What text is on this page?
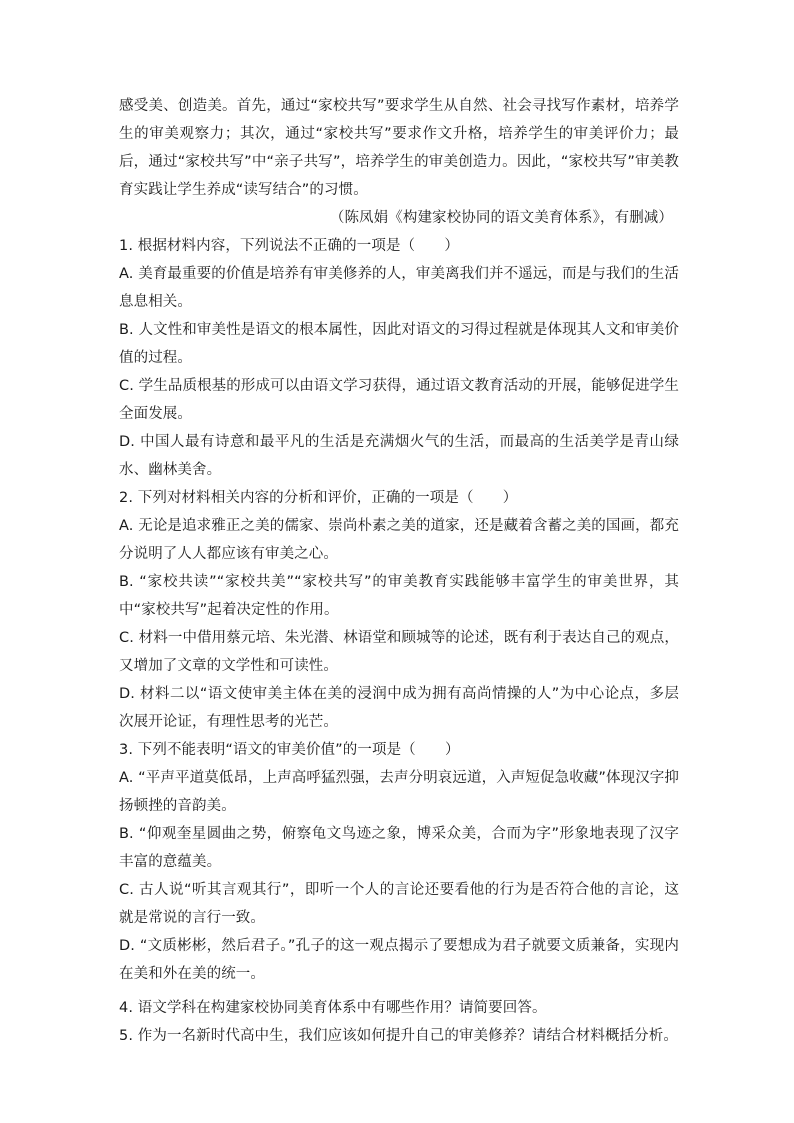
感受美、创造美。首先，通过“家校共写”要求学生从自然、社会寻找写作素材，培养学生的审美观察力；其次，通过“家校共写”要求作文升格，培养学生的审美评价力；最后，通过“家校共写”中“亲子共写”，培养学生的审美创造力。因此，“家校共写”审美教育实践让学生养成“读写结合”的习惯。

（陈凤娟《构建家校协同的语文美育体系》，有删减）

1. 根据材料内容，下列说法不正确的一项是（　　）

A. 美育最重要的价值是培养有审美修养的人，审美离我们并不遥远，而是与我们的生活息息相关。

B. 人文性和审美性是语文的根本属性，因此对语文的习得过程就是体现其人文和审美价值的过程。

C. 学生品质根基的形成可以由语文学习获得，通过语文教育活动的开展，能够促进学生全面发展。

D. 中国人最有诗意和最平凡的生活是充满烟火气的生活，而最高的生活美学是青山绿水、幽林美舍。

2. 下列对材料相关内容的分析和评价，正确的一项是（　　）

A. 无论是追求雅正之美的儒家、崇尚朴素之美的道家，还是藏着含蓄之美的国画，都充分说明了人人都应该有审美之心。

B. “家校共读”“家校共美”“家校共写”的审美教育实践能够丰富学生的审美世界，其中“家校共写”起着决定性的作用。

C. 材料一中借用蔡元培、朱光潜、林语堂和顾城等的论述，既有利于表达自己的观点，又增加了文章的文学性和可读性。

D. 材料二以“语文使审美主体在美的浸润中成为拥有高尚情操的人”为中心论点，多层次展开论证，有理性思考的光芒。

3. 下列不能表明“语文的审美价值”的一项是（　　）

A. “平声平道莫低昂，上声高呼猛烈强，去声分明哀远道，入声短促急收藏”体现汉字抑扬顿挫的音韵美。

B. “仰观奎星圆曲之势，俯察龟文鸟迹之象，博采众美，合而为字”形象地表现了汉字丰富的意蕴美。

C. 古人说“听其言观其行”，即听一个人的言论还要看他的行为是否符合他的言论，这就是常说的言行一致。

D. “文质彬彬，然后君子。”孔子的这一观点揭示了要想成为君子就要文质兼备，实现内在美和外在美的统一。

4. 语文学科在构建家校协同美育体系中有哪些作用？请简要回答。

5. 作为一名新时代高中生，我们应该如何提升自己的审美修养？请结合材料概括分析。
